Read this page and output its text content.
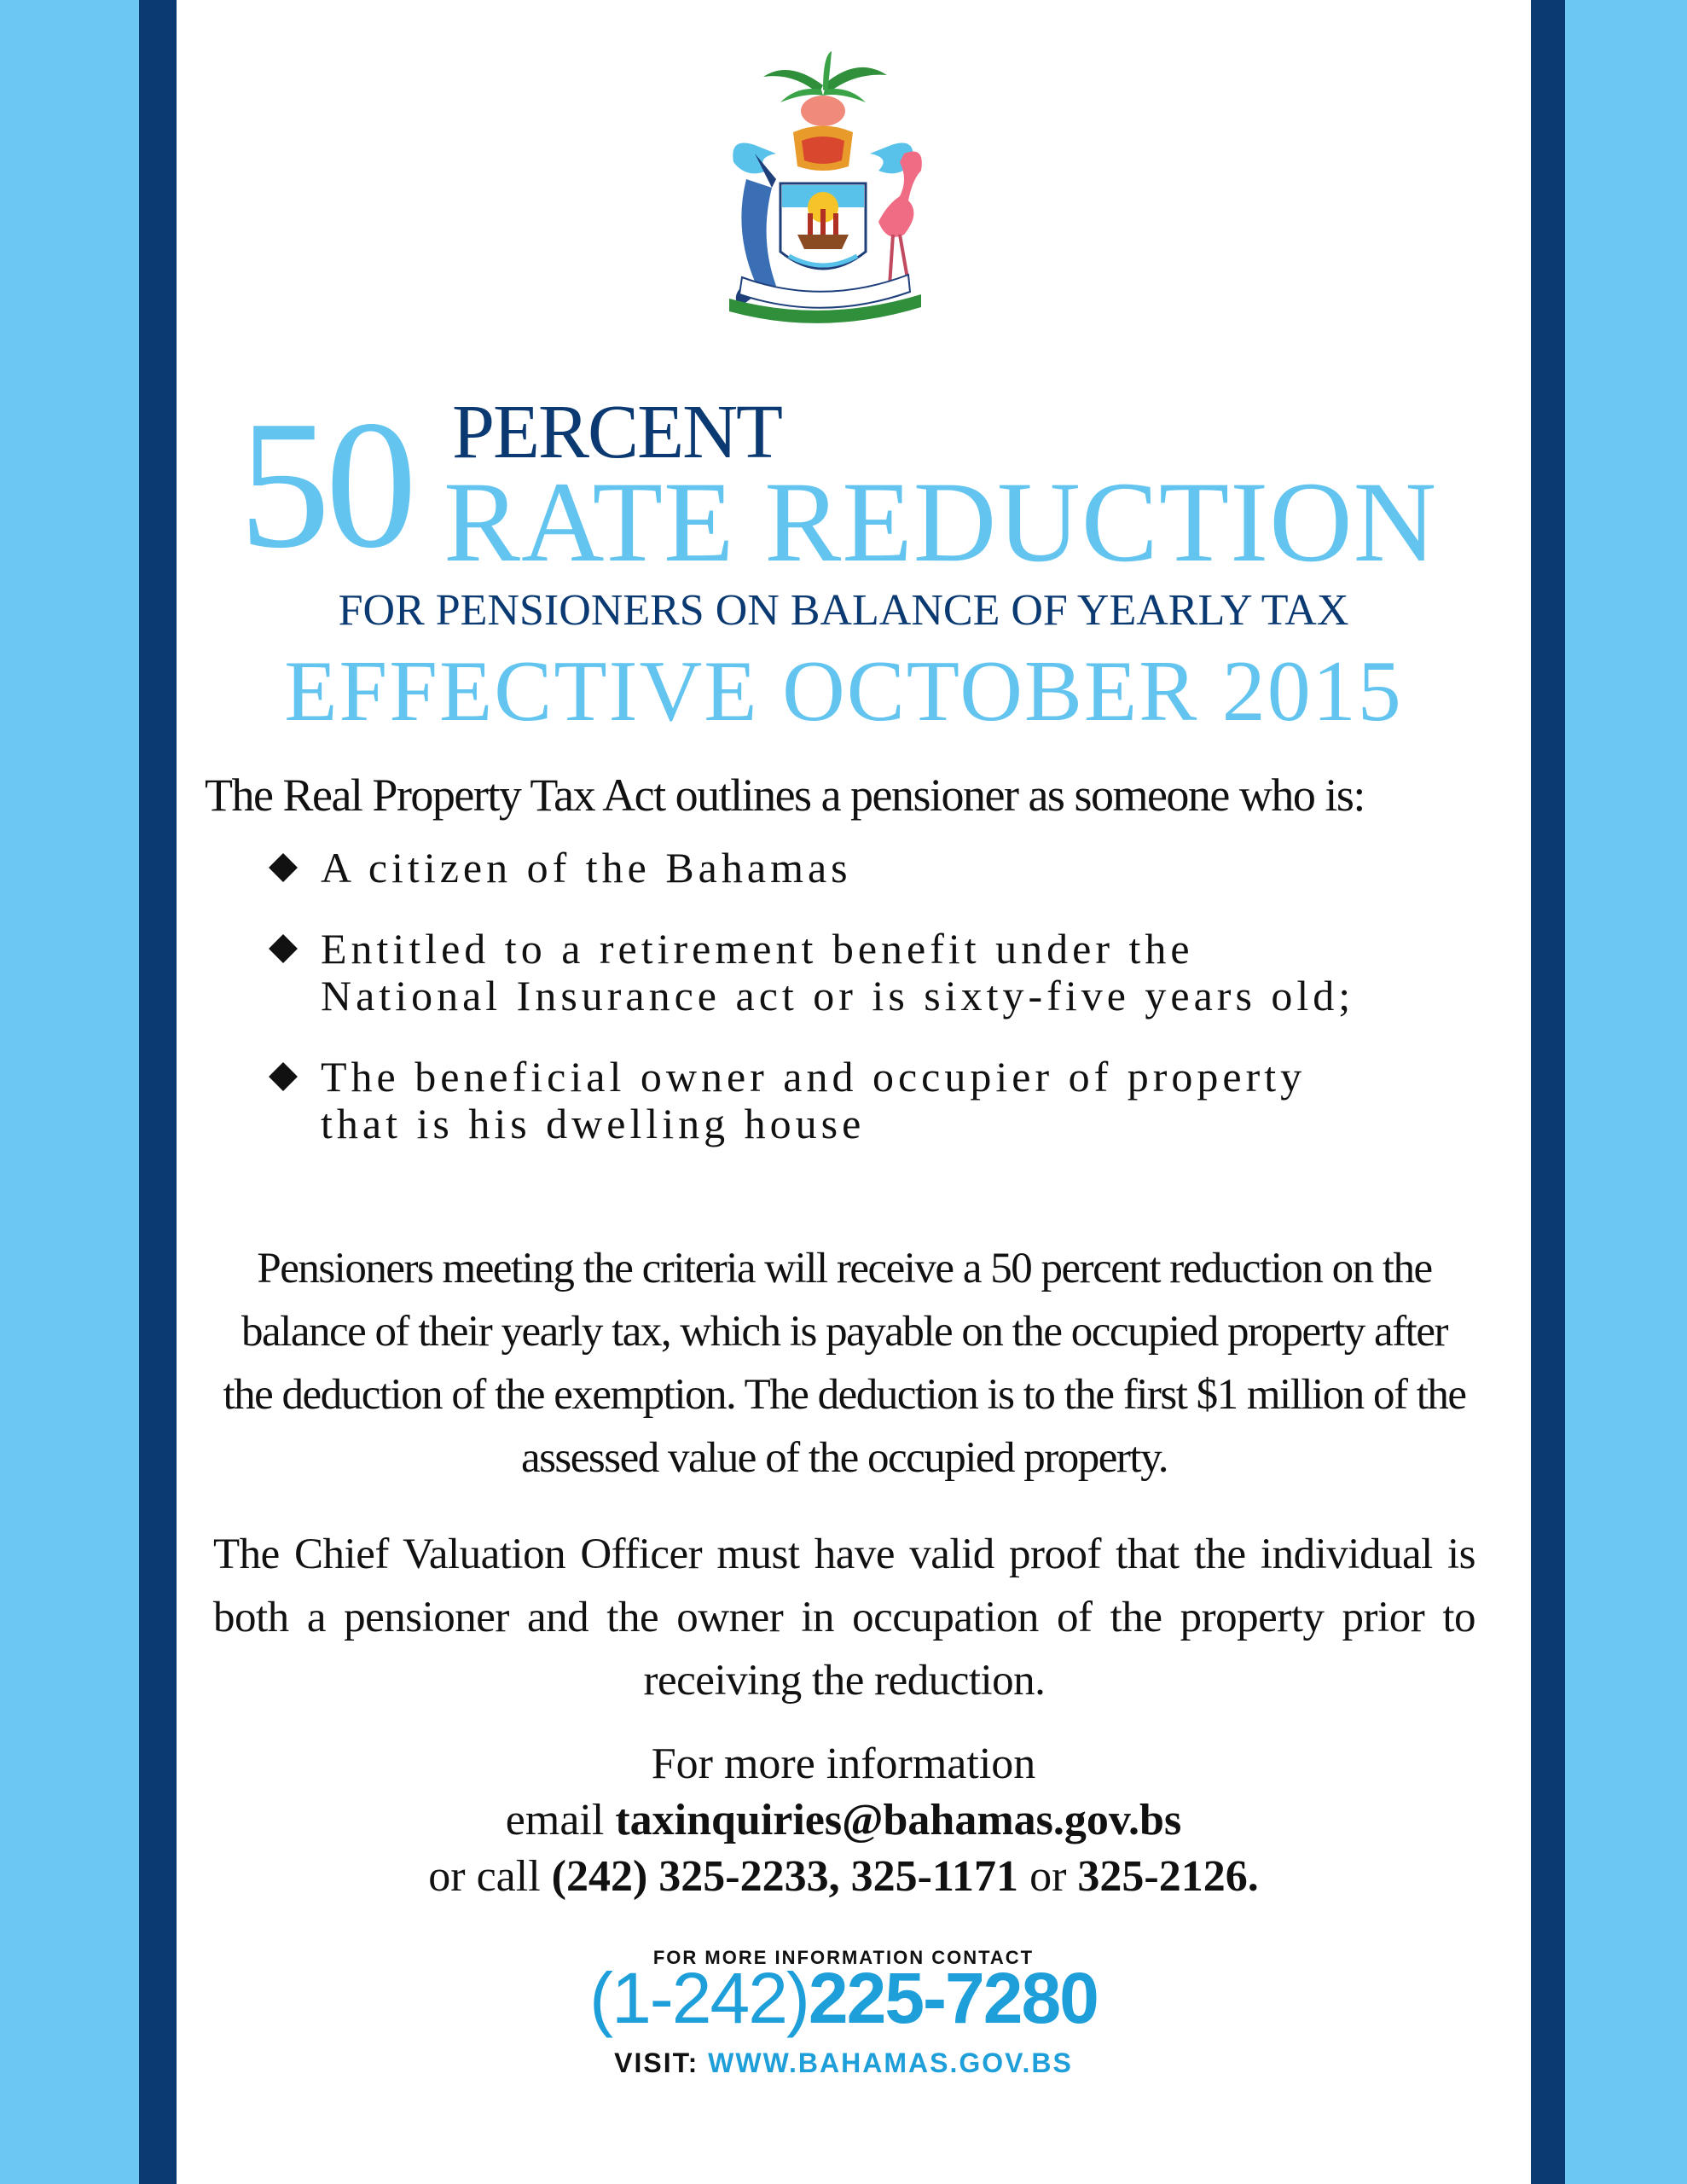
50 PERCENT
RATE REDUCTION
FOR PENSIONERS ON BALANCE OF YEARLY TAX
EFFECTIVE OCTOBER 2015
The Real Property Tax Act outlines a pensioner as someone who is:
A citizen of the Bahamas
Entitled to a retirement benefit under the
National Insurance act or is sixty-five years old;
The beneficial owner and occupier of property
that is his dwelling house
Pensioners meeting the criteria will receive a 50 percent reduction on the balance of their yearly tax, which is payable on the occupied property after the deduction of the exemption. The deduction is to the first $1 million of the assessed value of the occupied property.
The Chief Valuation Officer must have valid proof that the individual is both a pensioner and the owner in occupation of the property prior to receiving the reduction.
For more information
email taxinquiries@bahamas.gov.bs
or call (242) 325-2233, 325-1171 or 325-2126.
FOR MORE INFORMATION CONTACT
(1-242)225-7280
VISIT: WWW.BAHAMAS.GOV.BS
